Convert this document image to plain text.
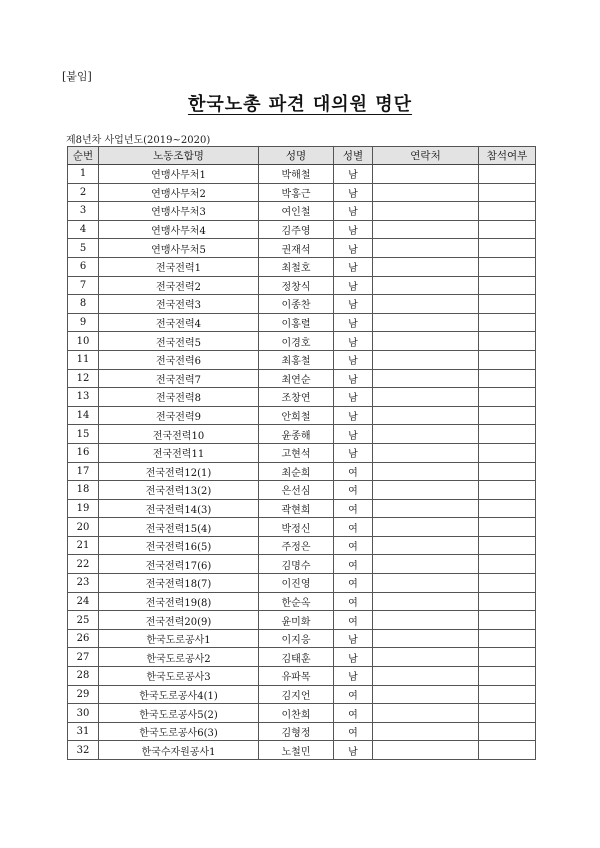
[붙임]
한국노총 파견 대의원 명단
제8년차 사업년도(2019~2020)
순번	노동조합명	성명	성별	연락처	참석여부
1	연맹사무처1	박해철	남		
2	연맹사무처2	박홍근	남		
3	연맹사무처3	여인철	남		
4	연맹사무처4	김주영	남		
5	연맹사무처5	권재석	남		
6	전국전력1	최철호	남		
7	전국전력2	정창식	남		
8	전국전력3	이종찬	남		
9	전국전력4	이홍렬	남		
10	전국전력5	이경호	남		
11	전국전력6	최홍철	남		
12	전국전력7	최연순	남		
13	전국전력8	조창연	남		
14	전국전력9	안희철	남		
15	전국전력10	윤종해	남		
16	전국전력11	고현석	남		
17	전국전력12(1)	최순희	여		
18	전국전력13(2)	은선심	여		
19	전국전력14(3)	곽현희	여		
20	전국전력15(4)	박정신	여		
21	전국전력16(5)	주정은	여		
22	전국전력17(6)	김명수	여		
23	전국전력18(7)	이진영	여		
24	전국전력19(8)	한순옥	여		
25	전국전력20(9)	윤미화	여		
26	한국도로공사1	이지응	남		
27	한국도로공사2	김태훈	남		
28	한국도로공사3	유파목	남		
29	한국도로공사4(1)	김지언	여		
30	한국도로공사5(2)	이찬희	여		
31	한국도로공사6(3)	김형정	여		
32	한국수자원공사1	노철민	남		
